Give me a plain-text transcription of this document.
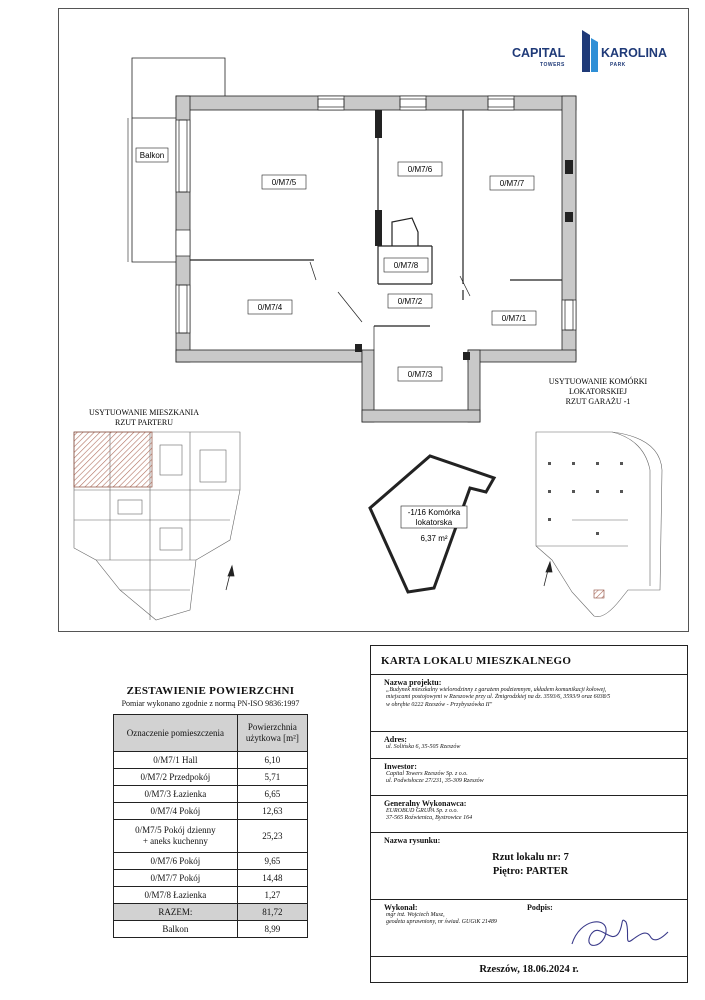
CAPITAL
TOWERS
KAROLINA
PARK
Balkon
0/M7/5
0/M7/6
0/M7/7
0/M7/8
0/M7/4
0/M7/2
0/M7/1
0/M7/3
-1/16 Komórka
lokatorska
6,37 m²
USYTUOWANIE MIESZKANIA
RZUT PARTERU
USYTUOWANIE KOMÓRKI
LOKATORSKIEJ
RZUT GARAŻU -1
ZESTAWIENIE POWIERZCHNI
Pomiar wykonano zgodnie z normą PN-ISO 9836:1997
Oznaczenie pomieszczenia	Powierzchnia
użytkowa [m²]
0/M7/1 Hall	6,10
0/M7/2 Przedpokój	5,71
0/M7/3 Łazienka	6,65
0/M7/4 Pokój	12,63
0/M7/5 Pokój dzienny
+ aneks kuchenny	25,23
0/M7/6 Pokój	9,65
0/M7/7 Pokój	14,48
0/M7/8 Łazienka	1,27
RAZEM:	81,72
Balkon	8,99
KARTA LOKALU MIESZKALNEGO
Nazwa projektu:
„Budynek mieszkalny wielorodzinny z garażem podziemnym, układem komunikacji kołowej,
miejscami postojowymi w Rzeszowie przy ul. Żmigrodzkiej na dz. 3593/6, 3593/9 oraz 6038/5
w obrębie 0222 Rzeszów - Przybyszówka II"
Adres:
ul. Solińska 6, 35-505 Rzeszów
Inwestor:
Capital Towers Rzeszów Sp. z o.o.
ul. Podwisłocze 27/231, 35-309 Rzeszów
Generalny Wykonawca:
EUROBUD GRUPA Sp. z o.o.
37-565 Roźwienica, Bystrowice 164
Nazwa rysunku:
Rzut lokalu nr: 7
Piętro: PARTER
Wykonał:
mgr inż. Wojciech Musz,
geodeta uprawniony, nr świad. GUGiK 21489
Podpis:
Rzeszów, 18.06.2024 r.
